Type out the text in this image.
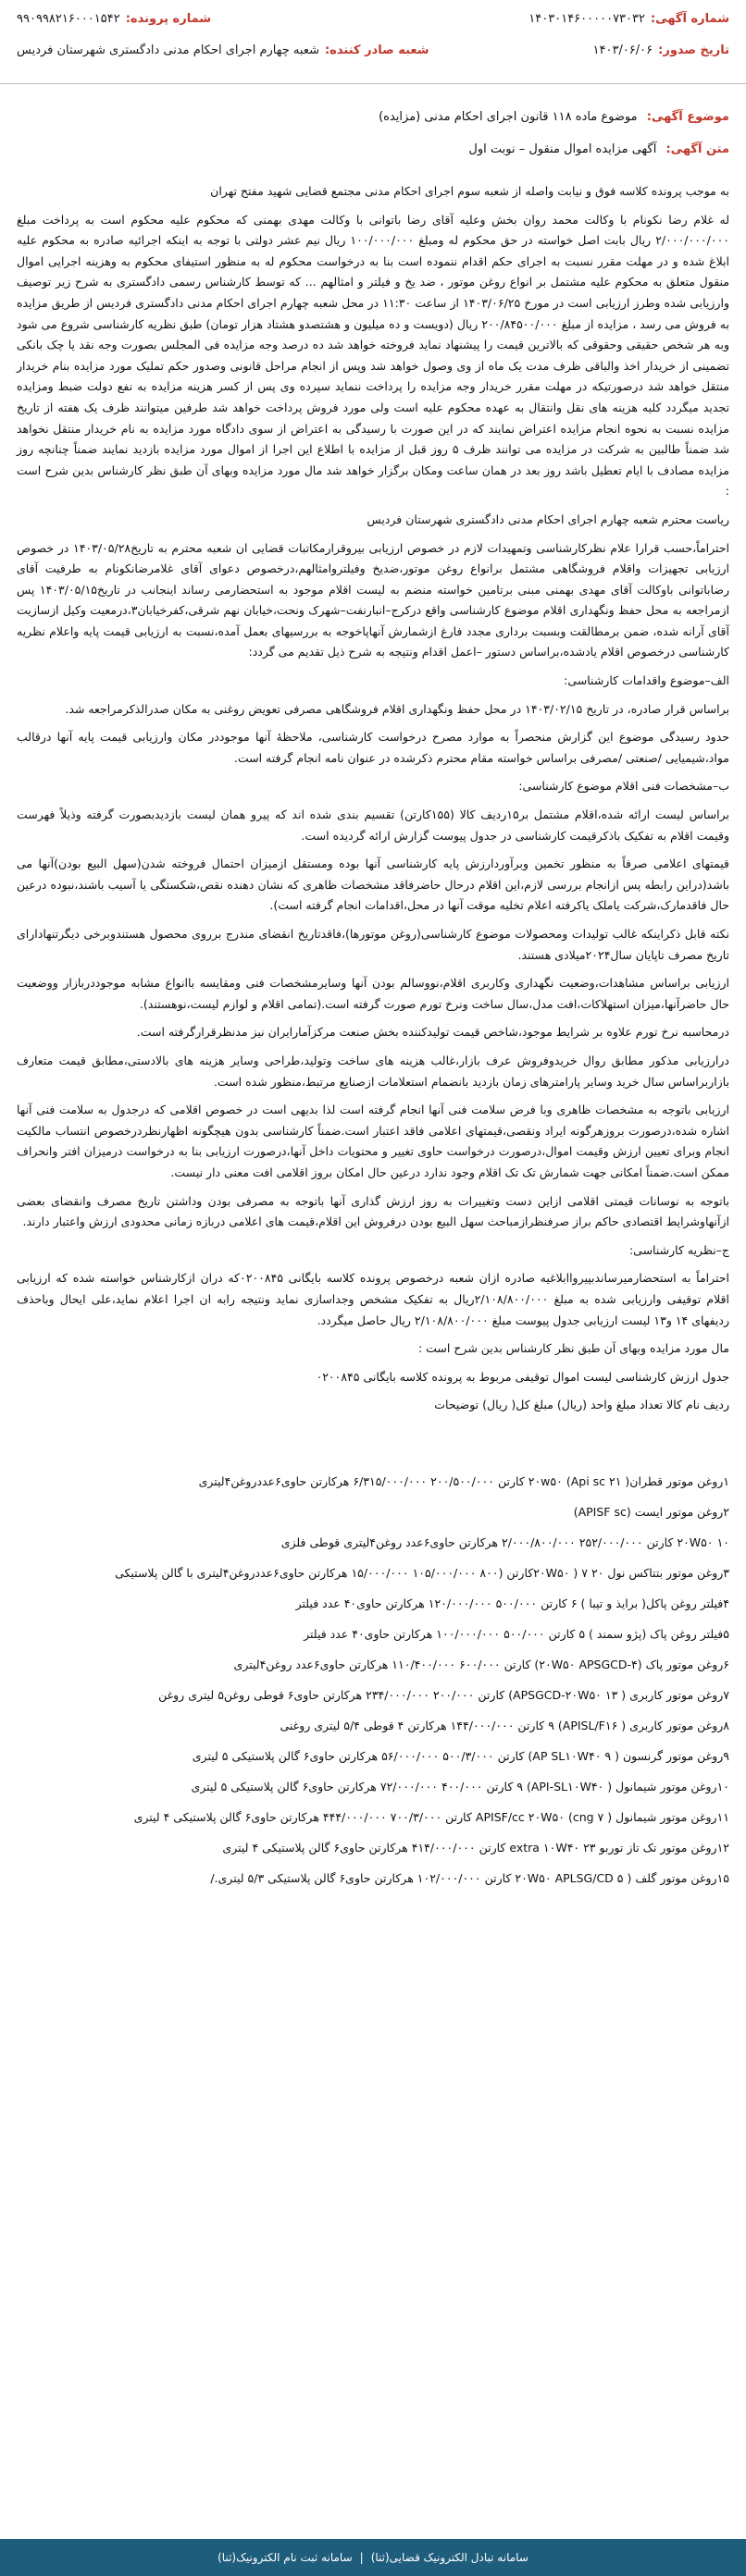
شماره آگهی:
۱۴۰۳۰۱۴۶۰۰۰۰۰۷۳۰۳۲
شماره پرونده:
۹۹۰۹۹۸۲۱۶۰۰۰۱۵۴۲
تاریخ صدور:
۱۴۰۳/۰۶/۰۶
شعبه صادر کننده:
شعبه چهارم اجرای احکام مدنی دادگستری شهرستان فردیس
موضوع آگهی: موضوع ماده ۱۱۸ قانون اجرای احکام مدنی (مزایده)
متن آگهی: آگهی مزایده اموال منقول – نوبت اول

به موجب پرونده کلاسه فوق و نیابت واصله از شعبه سوم اجرای احکام مدنی مجتمع قضایی شهید مفتح تهران

له غلام رضا نکونام با وکالت محمد روان بخش وعلیه آقای رضا باتوانی با وکالت مهدی بهمنی که محکوم علیه محکوم است به پرداخت مبلغ ۲/۰۰۰/۰۰۰/۰۰۰ ریال بابت اصل خواسته در حق محکوم له ومبلغ ۱۰۰/۰۰۰/۰۰۰ ریال نیم عشر دولتی با توجه به اینکه اجرائیه صادره به محکوم علیه ابلاغ شده و در مهلت مقرر نسبت به اجرای حکم اقدام ننموده است بنا به درخواست محکوم له به منظور استیفای محکوم به وهزینه اجرایی اموال منقول متعلق به محکوم علیه مشتمل بر انواع روغن موتور ، ضد یخ و فیلتر و امثالهم ... که توسط کارشناس رسمی دادگستری به شرح زیر توصیف وارزیابی شده وطرز ارزیابی است در مورخ ۱۴۰۳/۰۶/۲۵ از ساعت ۱۱:۳۰ در محل شعبه چهارم اجرای احکام مدنی دادگستری فردیس از طریق مزایده به فروش می رسد ، مزایده از مبلغ ۲۰۰/۸۴۵۰۰/۰۰۰ ریال (دویست و ده میلیون و هشتصدو هشتاد هزار تومان) طبق نظریه کارشناسی شروع می شود وبه هر شخص حقیقی وحقوقی که بالاترین قیمت را پیشنهاد نماید فروخته خواهد شد ده درصد وجه مزایده فی المجلس بصورت وجه نقد یا چک بانکی تضمینی از خریدار اخذ والباقی ظرف مدت یک ماه از وی وصول خواهد شد وپس از انجام مراحل قانونی وصدور حکم تملیک مورد مزایده بنام خریدار منتقل خواهد شد درصورتیکه در مهلت مقرر خریدار وجه مزایده را پرداخت ننماید سپرده وی پس از کسر هزینه مزایده به نفع دولت ضبط ومزایده تجدید میگردد کلیه هزینه های نقل وانتقال به عهده محکوم علیه است ولی مورد فروش پرداخت خواهد شد طرفین میتوانند ظرف یک هفته از تاریخ مزایده نسبت به نحوه انجام مزایده اعتراض نمایند که در این صورت با رسیدگی به اعتراض از سوی دادگاه مورد مزایده به نام خریدار منتقل نخواهد شد ضمناً طالبین به شرکت در مزایده می توانند ظرف ۵ روز قبل از مزایده با اطلاع این اجرا از اموال مورد مزایده بازدید نمایند ضمناً چنانچه روز مزایده مصادف با ایام تعطیل باشد روز بعد در همان ساعت ومکان برگزار خواهد شد مال مورد مزایده وبهای آن طبق نظر کارشناس بدین شرح است :

ریاست محترم شعبه چهارم اجرای احکام مدنی دادگستری شهرستان فردیس

احتراماً،حسب قرارا علام نظرکارشناسی وتمهیدات لازم در خصوص ارزیابی بیروقرارمکاتبات قضایی ان شعبه محترم به تاریخ۱۴۰۳/۰۵/۲۸ در خصوص ارزیابی تجهیزات واقلام فروشگاهی مشتمل برانواع روغن موتور،ضدیخ وفیلتروامثالهم،درخصوص دعوای آقای غلامرضانکونام به طرفیت آقای رضاباتوانی باوکالت آقای مهدی بهمنی مبنی برتامین خواسته منضم به لیست اقلام موجود به استحضارمی رساند اینجانب در تاریخ۱۴۰۳/۰۵/۱۵ پس ازمراجعه به محل حفظ ونگهداری اقلام موضوع کارشناسی واقع درکرج–انبارنفت–شهرک ونحت،خیابان نهم شرقی،کفرخیابان۳،درمعیت وکیل ازسازیت آقای آرانه شده، ضمن برمطالقت وبسبت برداری مجدد فارغ ازشمارش آنهاپاخوجه به بررسیهای بعمل آمده،نسبت به ارزیابی قیمت پایه واعلام نظریه کارشناسی درخصوص اقلام یادشده،براساس دستور –اعمل اقدام ونتیجه به شرح ذیل تقدیم می گردد:

الف–موضوع واقدامات کارشناسی:

براساس قرار صادره، در تاریخ ۱۴۰۳/۰۲/۱۵ در محل حفظ ونگهداری اقلام فروشگاهی مصرفی تعویض روغنی به مکان صدرالذکرمراجعه شد.

حدود رسیدگی موضوع این گزارش منحصراً به موارد مصرح درخواست کارشناسی، ملاحظهٔ آنها موجوددر مکان وارزیابی قیمت پایه آنها درقالب مواد،شیمیایی /صنعتی /مصرفی براساس خواسته مقام محترم ذکرشده در عنوان نامه انجام گرفته است.

ب–مشخصات فنی اقلام موضوع کارشناسی:

براساس لیست ارائه شده،اقلام مشتمل بر۱۵ردیف کالا (۱۵۵کارتن) تقسیم بندی شده اند که پیرو همان لیست بازدیدبصورت گرفته وذیلاً فهرست وقیمت اقلام به تفکیک باذکرقیمت کارشناسی در جدول پیوست گزارش ارائه گردیده است.

قیمتهای اعلامی صرفاً به منظور تخمین وبرآوردارزش پایه کارشناسی آنها بوده ومستقل ازمیزان احتمال فروخته شدن(سهل البیع بودن)آنها می باشد(دراین رابطه پس ازانجام بررسی لازم،این اقلام درحال حاضرفاقد مشخصات ظاهری که نشان دهنده نقص،شکستگی یا آسیب باشند،نبوده درعین حال فاقدمارک،شرکت یاملک یاکرفته اعلام تخلیه موقت آنها در محل،اقدامات انجام گرفته است).

نکته قابل ذکراینکه غالب تولیدات ومحصولات موضوع کارشناسی(روغن موتورها)،فاقدتاریخ انقضای مندرج برروی محصول هستندوبرخی دیگرتنهادارای تاریخ مصرف تاپایان سال۲۰۲۴میلادی هستند.

ارزیابی براساس مشاهدات،وضعیت نگهداری وکاربری اقلام،نووسالم بودن آنها وسایرمشخصات فنی ومقایسه باانواع مشابه موجوددربازار ووضعیت حال حاضرآنها،میزان استهلاکات،افت مدل،سال ساخت ونرخ تورم صورت گرفته است.(تمامی اقلام و لوازم لیست،نوهستند).

درمحاسبه نرخ تورم علاوه بر شرایط موجود،شاخص قیمت تولیدکننده بخش صنعت مرکزآمارایران نیز مدنظرقرارگرفته است.

درارزیابی مذکور مطابق روال خریدوفروش عرف بازار،غالب هزینه های ساخت وتولید،طراحی وسایر هزینه های بالادستی،مطابق قیمت متعارف بازاربراساس سال خرید وسایر پارامترهای زمان بازدید بانضمام استعلامات ازصنایع مرتبط،منظور شده است.

ارزیابی باتوجه به مشخصات ظاهری وبا فرض سلامت فنی آنها انجام گرفته است لذا بدیهی است در خصوص اقلامی که درجدول به سلامت فنی آنها اشاره شده،درصورت بروزهرگونه ایراد ونقصی،قیمتهای اعلامی فاقد اعتبار است.ضمناً کارشناسی بدون هیچگونه اظهارنظردرخصوص انتساب مالکیت انجام وبرای تعیین ارزش وقیمت اموال،درصورت درخواست حاوی تغییر و محتویات داخل آنها،درصورت ارزیابی بنا به درخواست درمیزان افتر وانحراف ممکن است.ضمناً امکانی جهت شمارش تک تک اقلام وجود ندارد درعین حال امکان بروز اقلامی افت معنی دار نیست.

باتوجه به نوسانات قیمتی اقلامی ازاین دست وتغییرات به روز ارزش گذاری آنها باتوجه به مصرفی بودن وداشتن تاریخ مصرف وانقضای بعضی ازآنهاوشرایط اقتصادی حاکم براز صرفنظرازمباحث سهل البیع بودن درفروش این اقلام،قیمت های اعلامی دربازه زمانی محدودی ارزش واعتبار دارند.

ج–نظریه کارشناسی:

احتراماً به استحضارمیرساندبپیرواابلاغیه صادره ازان شعبه درخصوص پرونده کلاسه بایگانی ۰۲۰۰۸۴۵که دران ازکارشناس خواسته شده که ارزیابی اقلام توقیفی وارزیابی شده به مبلغ ۲/۱۰۸/۸۰۰/۰۰۰ریال به تفکیک مشخص وجداسازی نماید ونتیجه رابه ان اجرا اعلام نماید،علی ایحال وباحذف ردیفهای ۱۴ و۱۳ لیست ارزیابی جدول پیوست مبلغ ۲/۱۰۸/۸۰۰/۰۰۰ ریال حاصل میگردد.

مال مورد مزایده وبهای آن طبق نظر کارشناس بدین شرح است :

جدول ارزش کارشناسی لیست اموال توقیفی مربوط به پرونده کلاسه بایگانی ۰۲۰۰۸۴۵

ردیف نام کالا تعداد مبلغ واحد (ریال) مبلغ کل( ریال) توضیحات

۱روغن موتور قطران( ۲۱ Api sc) ۲۰w۵۰ کارتن ۲۰۰/۵۰۰/۰۰۰ ۶/۳۱۵/۰۰۰/۰۰۰ هرکارتن حاوی۶عددروغن۴لیتری
۲روغن موتور ایست (APISF sc)
۲۰W۵۰ ۱۰ کارتن ۲۵۲/۰۰۰/۰۰۰ ۲/۰۰۰/۸۰۰/۰۰۰ هرکارتن حاوی۶عدد روغن۴لیتری قوطی فلزی
۳روغن موتور بتتاکس نول ۲۰ ۷ ( ۲۰W۵۰کارتن (۸۰۰ ۱۰۵/۰۰۰/۰۰۰ ۱۵/۰۰۰/۰۰۰ هرکارتن حاوی۶عددروغن۴لیتری با گالن پلاستیکی
۴فیلتر روغن پاکل( برایذ و تیبا ) ۶ کارتن ۵۰۰/۰۰۰ ۱۲۰/۰۰۰/۰۰۰ هرکارتن حاوی۴۰ عدد فیلتر
۵فیلتر روغن پاک (پژو سمند ) ۵ کارتن ۵۰۰/۰۰۰ ۱۰۰/۰۰۰/۰۰۰ هرکارتن حاوی۴۰ عدد فیلتر
۶روغن موتور پاک (۲۰W۵۰ APSGCD-۴) کارتن ۶۰۰/۰۰۰ ۱۱۰/۴۰۰/۰۰۰ هرکارتن حاوی۶عدد روغن۴لیتری
۷روغن موتور کاربری ( ۱۳ APSGCD-۲۰W۵۰) کارتن ۲۰۰/۰۰۰ ۲۳۴/۰۰۰/۰۰۰ هرکارتن حاوی۶ قوطی روغن۵ لیتری روغن
۸روغن موتور کاربری ( APISL/F۱۶) ۹ کارتن ۱۴۴/۰۰۰/۰۰۰ هرکارتن ۴ قوطی ۵/۴ لیتری روغنی
۹روغن موتور گرنسون ( AP SL۱۰W۴۰ ۹) کارتن ۵۰۰/۳/۰۰۰ ۵۶/۰۰۰/۰۰۰ هرکارتن حاوی۶ گالن پلاستیکی ۵ لیتری
۱۰روغن موتور شیمانول ( API-SL۱۰W۴۰) ۹ کارتن ۴۰۰/۰۰۰ ۷۲/۰۰۰/۰۰۰ هرکارتن حاوی۶ گالن پلاستیکی ۵ لیتری
۱۱روغن موتور شیمانول ( APISF/cc ۲۰W۵۰ (cng ۷ کارتن ۷۰۰/۳/۰۰۰ ۴۴۴/۰۰۰/۰۰۰ هرکارتن حاوی۶ گالن پلاستیکی ۴ لیتری
۱۲روغن موتور تک تاز توربو extra ۱۰W۴۰ ۲۳ کارتن ۴۱۴/۰۰۰/۰۰۰ هرکارتن حاوی۶ گالن پلاستیکی ۴ لیتری
۱۵روغن موتور گلف ( ۲۰W۵۰ APLSG/CD ۵ کارتن ۱۰۲/۰۰۰/۰۰۰ هرکارتن حاوی۶ گالن پلاستیکی ۵/۳ لیتری./
سامانه تبادل الکترونیک قضایی(ثنا)
|
سامانه ثبت نام الکترونیک(ثنا)
